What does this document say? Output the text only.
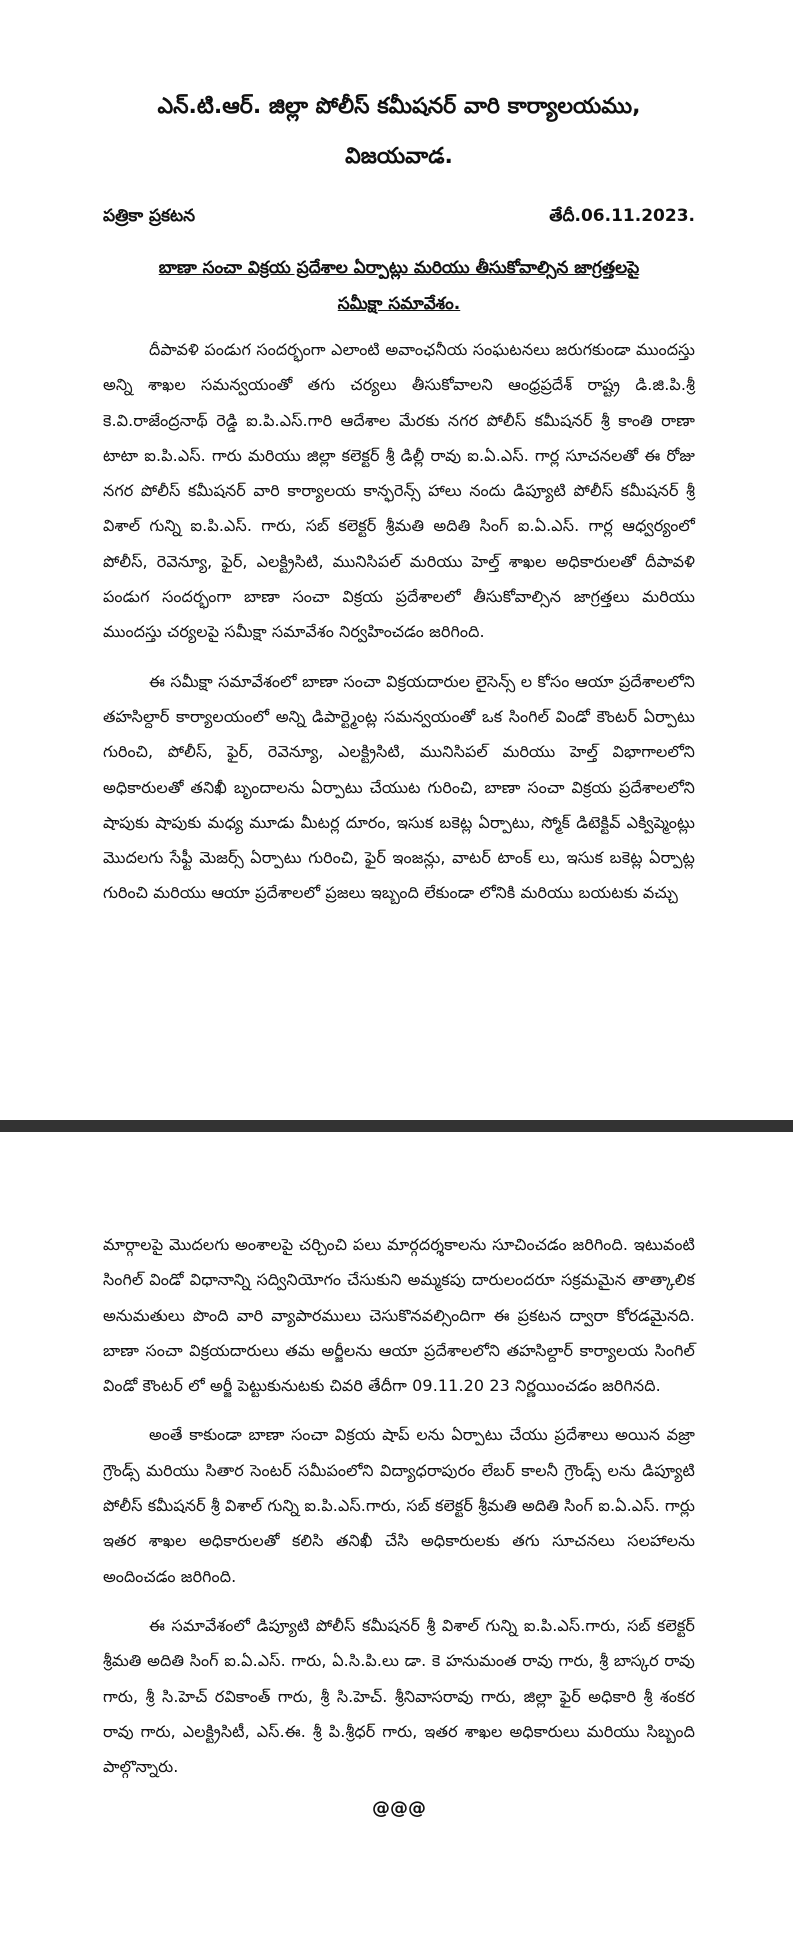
ఎన్.టి.ఆర్. జిల్లా పోలీస్ కమీషనర్ వారి కార్యాలయము,
విజయవాడ.
పత్రికా ప్రకటన	తేదీ.06.11.2023.
బాణా సంచా విక్రయ ప్రదేశాల ఏర్పాట్లు మరియు తీసుకోవాల్సిన జాగ్రత్తలపై
సమీక్షా సమావేశం.

దీపావళి పండుగ సందర్భంగా ఎలాంటి అవాంఛనీయ సంఘటనలు జరుగకుండా ముందస్తు అన్ని శాఖల సమన్వయంతో తగు చర్యలు తీసుకోవాలని ఆంధ్రప్రదేశ్ రాష్ట్ర డి.జి.పి.శ్రీ కె.వి.రాజేంద్రనాథ్ రెడ్డి ఐ.పి.ఎస్.గారి ఆదేశాల మేరకు నగర పోలీస్ కమీషనర్ శ్రీ కాంతి రాణా టాటా ఐ.పి.ఎస్. గారు మరియు జిల్లా కలెక్టర్ శ్రీ డిల్లీ రావు ఐ.ఏ.ఎస్. గార్ల సూచనలతో ఈ రోజు నగర పోలీస్ కమీషనర్ వారి కార్యాలయ కాన్ఫరెన్స్ హాలు నందు డిప్యూటి పోలీస్ కమీషనర్ శ్రీ విశాల్ గున్ని ఐ.పి.ఎస్. గారు, సబ్ కలెక్టర్ శ్రీమతి అదితి సింగ్ ఐ.ఏ.ఎస్. గార్ల ఆధ్వర్యంలో పోలీస్, రెవెన్యూ, ఫైర్, ఎలక్ట్రిసిటి, మునిసిపల్ మరియు హెల్త్ శాఖల అధికారులతో దీపావళి పండుగ సందర్భంగా బాణా సంచా విక్రయ ప్రదేశాలలో తీసుకోవాల్సిన జాగ్రత్తలు మరియు ముందస్తు చర్యలపై సమీక్షా సమావేశం నిర్వహించడం జరిగింది.

ఈ సమీక్షా సమావేశంలో బాణా సంచా విక్రయదారుల లైసెన్స్ ల కోసం ఆయా ప్రదేశాలలోని తహసిల్దార్ కార్యాలయంలో అన్ని డిపార్ట్మెంట్ల సమన్వయంతో ఒక సింగిల్ విండో కౌంటర్ ఏర్పాటు గురించి, పోలీస్, ఫైర్, రెవెన్యూ, ఎలక్ట్రిసిటి, మునిసిపల్ మరియు హెల్త్ విభాగాలలోని అధికారులతో తనిఖీ బృందాలను ఏర్పాటు చేయుట గురించి, బాణా సంచా విక్రయ ప్రదేశాలలోని షాపుకు షాపుకు మధ్య మూడు మీటర్ల దూరం, ఇసుక బకెట్ల ఏర్పాటు, స్మోక్ డిటెక్టివ్ ఎక్విప్మెంట్లు మొదలగు సేఫ్టీ మెజర్స్ ఏర్పాటు గురించి, ఫైర్ ఇంజన్లు, వాటర్ టాంక్ లు, ఇసుక బకెట్ల ఏర్పాట్ల గురించి మరియు ఆయా ప్రదేశాలలో ప్రజలు ఇబ్బంది లేకుండా లోనికి మరియు బయటకు వచ్చు

మార్గాలపై మొదలగు అంశాలపై చర్చించి పలు మార్గదర్శకాలను సూచించడం జరిగింది. ఇటువంటి సింగిల్ విండో విధానాన్ని సద్వినియోగం చేసుకుని అమ్మకపు దారులందరూ సక్రమమైన తాత్కాలిక అనుమతులు పొంది వారి వ్యాపారములు చెసుకొనవల్సిందిగా ఈ ప్రకటన ద్వారా కోరడమైనది. బాణా సంచా విక్రయదారులు తమ అర్జీలను ఆయా ప్రదేశాలలోని తహసిల్దార్ కార్యాలయ సింగిల్ విండో కౌంటర్ లో అర్జీ పెట్టుకునుటకు చివరి తేదీగా 09.11.20 23 నిర్ణయించడం జరిగినది.

అంతే కాకుండా బాణా సంచా విక్రయ షాప్ లను ఏర్పాటు చేయు ప్రదేశాలు అయిన వజ్రా గ్రౌండ్స్ మరియు సితార సెంటర్ సమీపంలోని విద్యాధరాపురం లేబర్ కాలనీ గ్రౌండ్స్ లను డిప్యూటి పోలీస్ కమీషనర్ శ్రీ విశాల్ గున్ని ఐ.పి.ఎస్.గారు, సబ్ కలెక్టర్ శ్రీమతి అదితి సింగ్ ఐ.ఏ.ఎస్. గార్లు ఇతర శాఖల అధికారులతో కలిసి తనిఖీ చేసి అధికారులకు తగు సూచనలు సలహాలను అందించడం జరిగింది.

ఈ సమావేశంలో డిప్యూటి పోలీస్ కమీషనర్ శ్రీ విశాల్ గున్ని ఐ.పి.ఎస్.గారు, సబ్ కలెక్టర్ శ్రీమతి అదితి సింగ్ ఐ.ఏ.ఎస్. గారు, ఏ.సి.పి.లు డా. కె హనుమంత రావు గారు, శ్రీ బాస్కర రావు గారు, శ్రీ సి.హెచ్ రవికాంత్ గారు, శ్రీ సి.హెచ్. శ్రీనివాసరావు గారు, జిల్లా ఫైర్ అధికారి శ్రీ శంకర రావు గారు, ఎలక్ట్రిసిటీ, ఎస్.ఈ. శ్రీ పి.శ్రీధర్ గారు, ఇతర శాఖల అధికారులు మరియు సిబ్బంది పాల్గొన్నారు.

@@@
